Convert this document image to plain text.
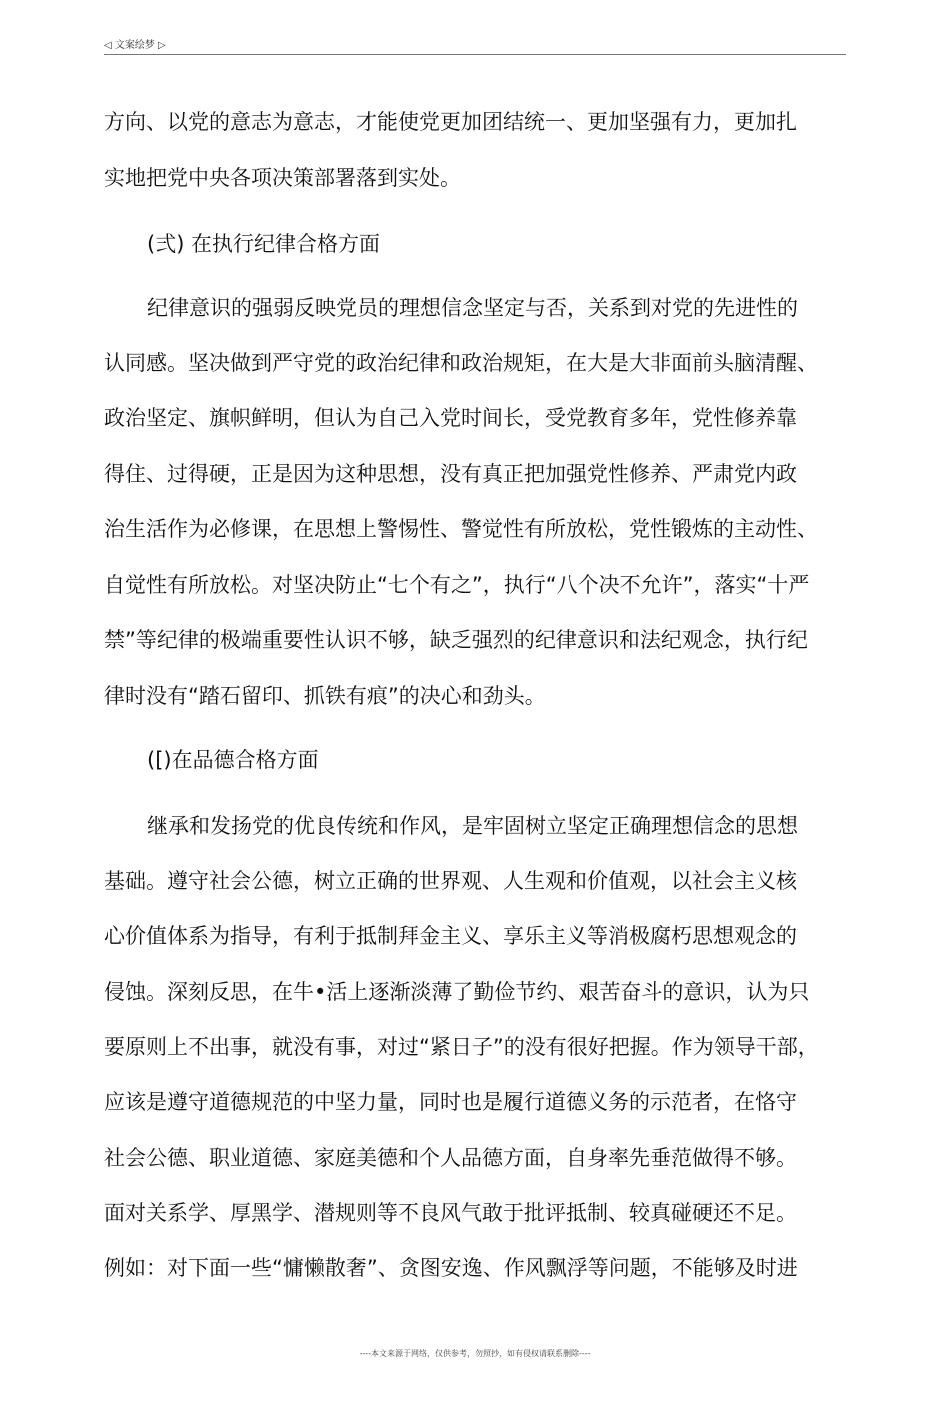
◁ 文案绘梦 ▷
方向、以党的意志为意志，才能使党更加团结统一、更加坚强有力，更加扎
实地把党中央各项决策部署落到实处。
(弍) 在执行纪律合格方面
纪律意识的强弱反映党员的理想信念坚定与否，关系到对党的先进性的
认同感。坚决做到严守党的政治纪律和政治规矩，在大是大非面前头脑清醒、
政治坚定、旗帜鲜明，但认为自己入党时间长，受党教育多年，党性修养靠
得住、过得硬，正是因为这种思想，没有真正把加强党性修养、严肃党内政
治生活作为必修课，在思想上警惕性、警觉性有所放松，党性锻炼的主动性、
自觉性有所放松。对坚决防止“七个有之”，执行“八个决不允许”，落实“十严
禁”等纪律的极端重要性认识不够，缺乏强烈的纪律意识和法纪观念，执行纪
律时没有“踏石留印、抓铁有痕”的决心和劲头。
([)在品德合格方面
继承和发扬党的优良传统和作风，是牢固树立坚定正确理想信念的思想
基础。遵守社会公德，树立正确的世界观、人生观和价值观，以社会主义核
心价值体系为指导，有利于抵制拜金主义、享乐主义等消极腐朽思想观念的
侵蚀。深刻反思，在牛•活上逐渐淡薄了勤俭节约、艰苦奋斗的意识，认为只
要原则上不出事，就没有事，对过“紧日子”的没有很好把握。作为领导干部，
应该是遵守道德规范的中坚力量，同时也是履行道德义务的示范者，在恪守
社会公德、职业道德、家庭美德和个人品德方面，自身率先垂范做得不够。
面对关系学、厚黑学、潜规则等不良风气敢于批评抵制、较真碰硬还不足。
例如：对下面一些“慵懒散奢”、贪图安逸、作风飘浮等问题，不能够及时进
----本文来源于网络，仅供参考，勿照抄，如有侵权请联系删除----
